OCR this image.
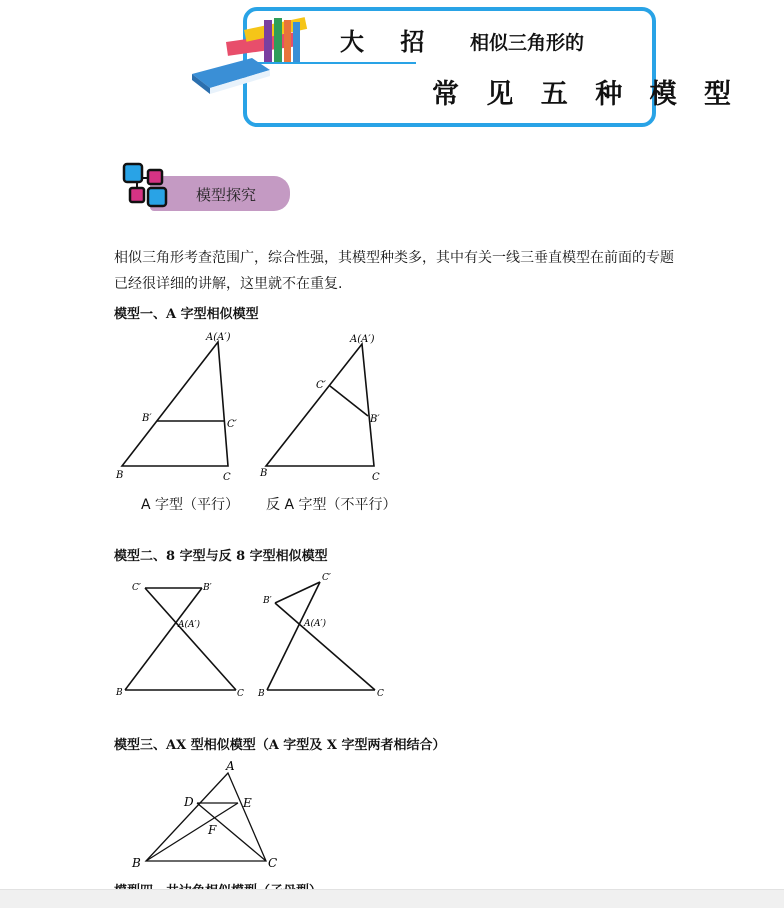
大 招 相似三角形的
常 见 五 种 模 型
模型探究
相似三角形考查范围广，综合性强，其模型种类多，其中有关一线三垂直模型在前面的专题
已经很详细的讲解，这里就不在重复.
模型一、A 字型相似模型
A(A′)
B′
C′
B	C
A(A′)
C′
B′
B	C
A 字型（平行） 反 A 字型（不平行）
模型二、8 字型与反 8 字型相似模型
C′	B′
A(A′)
B	C
C′
B′
A(A′)
B	C
模型三、AX 型相似模型（A 字型及 X 字型两者相结合）
A
D	E
F
B	C
